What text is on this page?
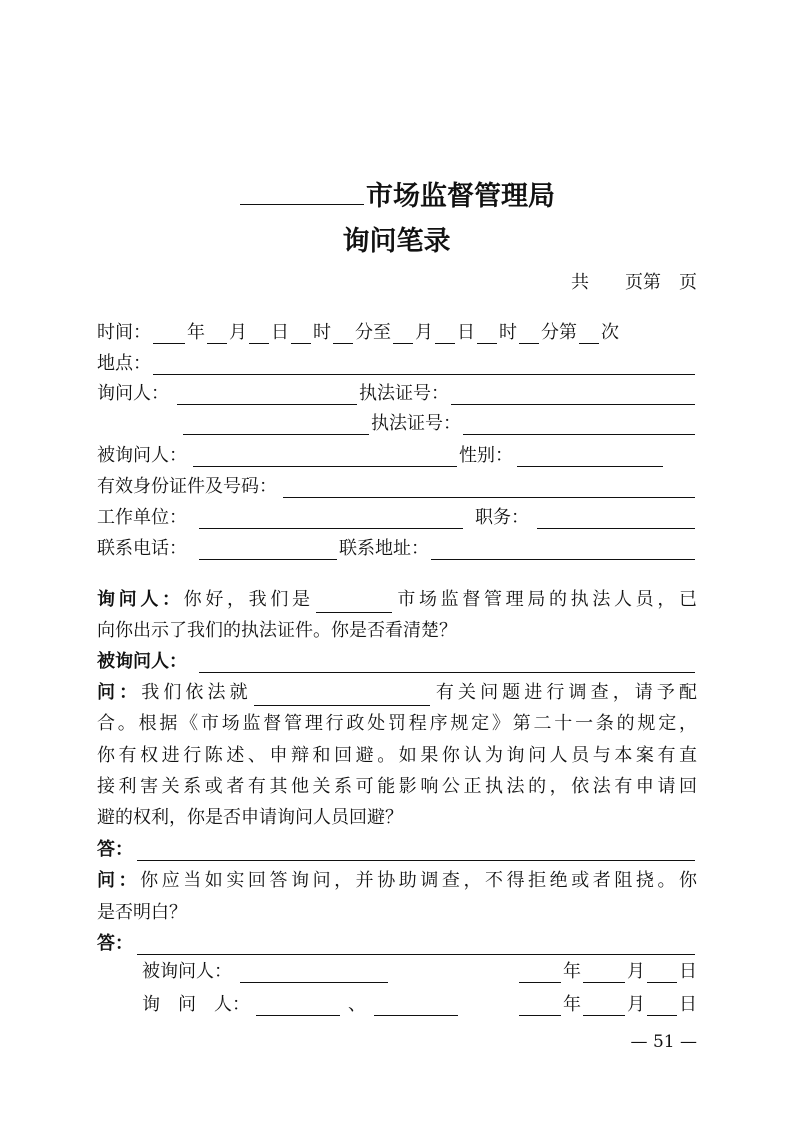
市场监督管理局
询问笔录
共　　页第　页
时间： 年 月 日 时 分至 月 日 时 分第 次
地点：
询问人：	执法证号：
执法证号：
被询问人：	性别：
有效身份证件及号码：
工作单位：	职务：
联系电话：	联系地址：
询问人：你好，我们是	市场监督管理局的执法人员，已
向你出示了我们的执法证件。你是否看清楚？
被询问人：
问：我们依法就	有关问题进行调查，请予配
合。根据《市场监督管理行政处罚程序规定》第二十一条的规定，
你有权进行陈述、申辩和回避。如果你认为询问人员与本案有直
接利害关系或者有其他关系可能影响公正执法的，依法有申请回
避的权利，你是否申请询问人员回避？
答：
问：你应当如实回答询问，并协助调查，不得拒绝或者阻挠。你
是否明白？
答：
被询问人：	年	月 日
询　问　人：	、	年	月 日
— 51 —
